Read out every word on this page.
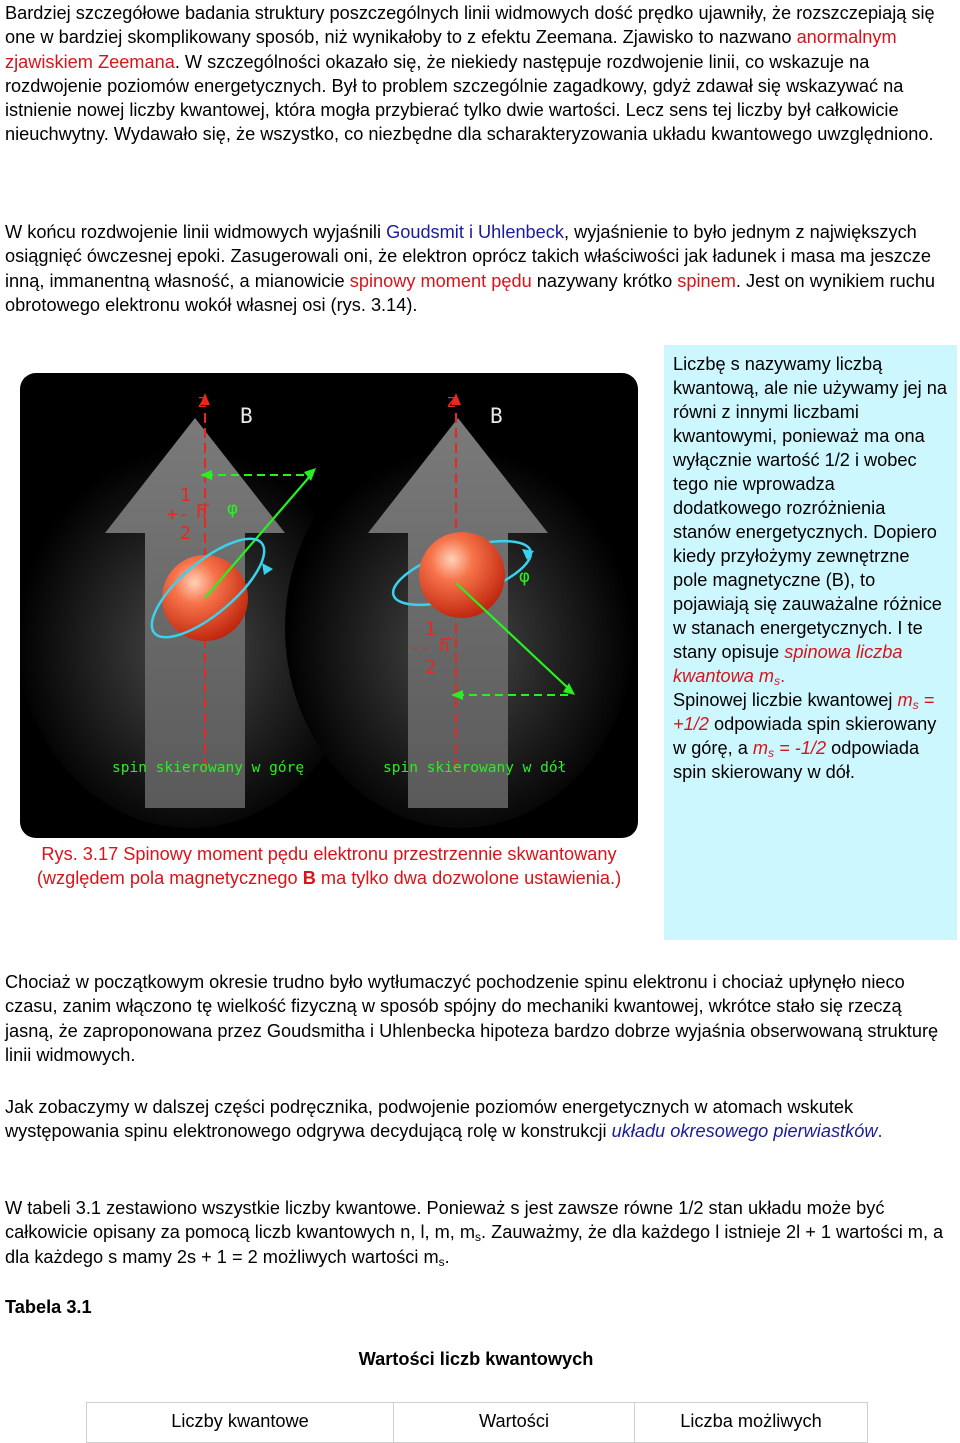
Bardziej szczegółowe badania struktury poszczególnych linii widmowych dość prędko ujawniły, że rozszczepiają się one w bardziej skomplikowany sposób, niż wynikałoby to z efektu Zeemana. Zjawisko to nazwano anormalnym zjawiskiem Zeemana. W szczególności okazało się, że niekiedy następuje rozdwojenie linii, co wskazuje na rozdwojenie poziomów energetycznych. Był to problem szczególnie zagadkowy, gdyż zdawał się wskazywać na istnienie nowej liczby kwantowej, która mogła przybierać tylko dwie wartości. Lecz sens tej liczby był całkowicie nieuchwytny. Wydawało się, że wszystko, co niezbędne dla scharakteryzowania układu kwantowego uwzględniono.

W końcu rozdwojenie linii widmowych wyjaśnili Goudsmit i Uhlenbeck, wyjaśnienie to było jednym z największych osiągnięć ówczesnej epoki. Zasugerowali oni, że elektron oprócz takich właściwości jak ładunek i masa ma jeszcze inną, immanentną własność, a mianowicie spinowy moment pędu nazywany krótko spinem. Jest on wynikiem ruchu obrotowego elektronu wokół własnej osi (rys. 3.14).

z
B
1
+- h
2
φ
spin skierowany w górę
z
B
1
-- h
2
φ
spin skierowany w dół

Rys. 3.17 Spinowy moment pędu elektronu przestrzennie skwantowany (względem pola magnetycznego B ma tylko dwa dozwolone ustawienia.)

Liczbę s nazywamy liczbą kwantową, ale nie używamy jej na równi z innymi liczbami kwantowymi, ponieważ ma ona wyłącznie wartość 1/2 i wobec tego nie wprowadza dodatkowego rozróżnienia stanów energetycznych. Dopiero kiedy przyłożymy zewnętrzne pole magnetyczne (B), to pojawiają się zauważalne różnice w stanach energetycznych. I te stany opisuje spinowa liczba kwantowa $m_s$.

Spinowej liczbie kwantowej $m_s = +1/2$ odpowiada spin skierowany w górę, a $m_s = -1/2$ odpowiada spin skierowany w dół.

Chociaż w początkowym okresie trudno było wytłumaczyć pochodzenie spinu elektronu i chociaż upłynęło nieco czasu, zanim włączono tę wielkość fizyczną w sposób spójny do mechaniki kwantowej, wkrótce stało się rzeczą jasną, że zaproponowana przez Goudsmitha i Uhlenbecka hipoteza bardzo dobrze wyjaśnia obserwowaną strukturę linii widmowych.

Jak zobaczymy w dalszej części podręcznika, podwojenie poziomów energetycznych w atomach wskutek występowania spinu elektronowego odgrywa decydującą rolę w konstrukcji układu okresowego pierwiastków.

W tabeli 3.1 zestawiono wszystkie liczby kwantowe. Ponieważ s jest zawsze równe 1/2 stan układu może być całkowicie opisany za pomocą liczb kwantowych n, l, m, $m_s$. Zauważmy, że dla każdego l istnieje 2l + 1 wartości m, a dla każdego s mamy 2s + 1 = 2 możliwych wartości $m_s$.

Tabela 3.1

Wartości liczb kwantowych

Liczby kwantowe	Wartości	Liczba możliwych
